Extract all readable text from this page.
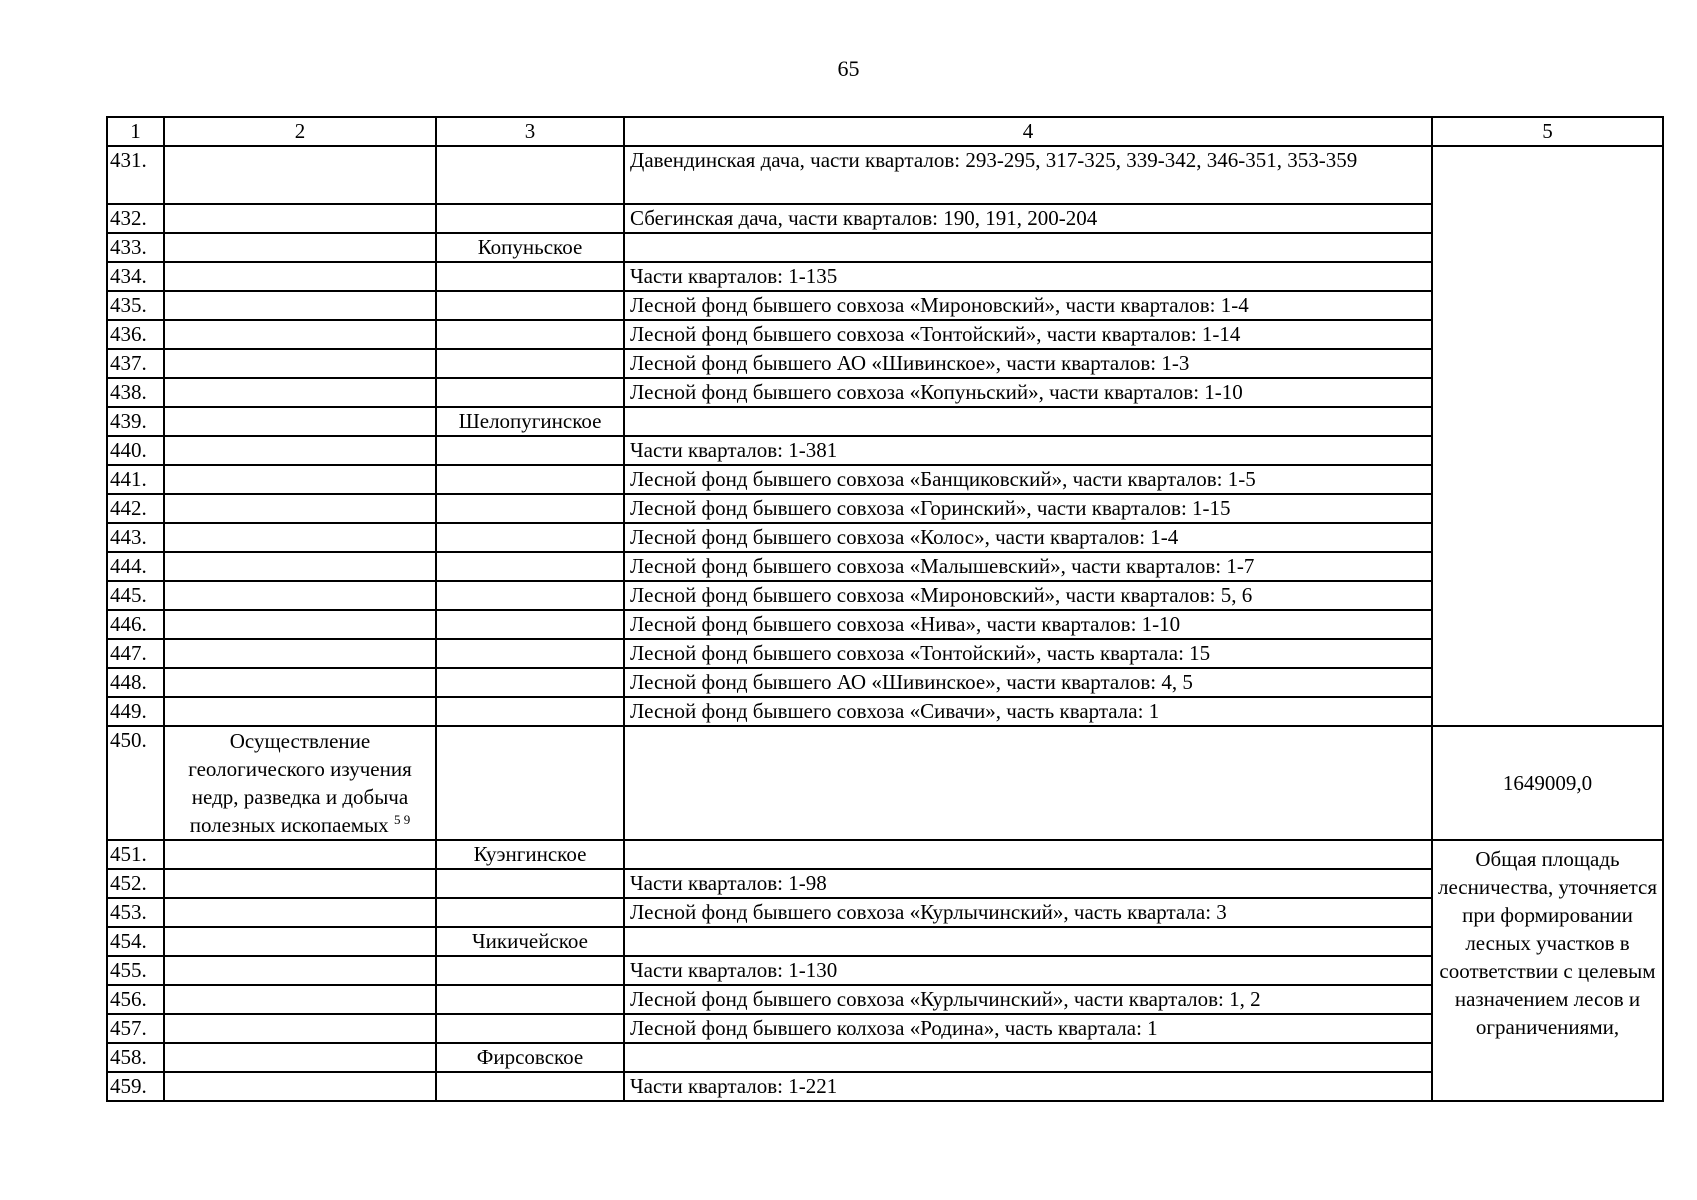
65
1	2	3	4	5
431.			Давендинская дача, части кварталов: 293-295, 317-325, 339-342, 346-351, 353-359	
432.			Сбегинская дача, части кварталов: 190, 191, 200-204	
433.		Копуньское		
434.			Части кварталов: 1-135	
435.			Лесной фонд бывшего совхоза «Мироновский», части кварталов: 1-4	
436.			Лесной фонд бывшего совхоза «Тонтойский», части кварталов: 1-14	
437.			Лесной фонд бывшего АО «Шивинское», части кварталов: 1-3	
438.			Лесной фонд бывшего совхоза «Копуньский», части кварталов: 1-10	
439.		Шелопугинское		
440.			Части кварталов: 1-381	
441.			Лесной фонд бывшего совхоза «Банщиковский», части кварталов: 1-5	
442.			Лесной фонд бывшего совхоза «Горинский», части кварталов: 1-15	
443.			Лесной фонд бывшего совхоза «Колос», части кварталов: 1-4	
444.			Лесной фонд бывшего совхоза «Малышевский», части кварталов: 1-7	
445.			Лесной фонд бывшего совхоза «Мироновский», части кварталов: 5, 6	
446.			Лесной фонд бывшего совхоза «Нива», части кварталов: 1-10	
447.			Лесной фонд бывшего совхоза «Тонтойский», часть квартала: 15	
448.			Лесной фонд бывшего АО «Шивинское», части кварталов: 4, 5	
449.			Лесной фонд бывшего совхоза «Сивачи», часть квартала: 1	
450.	Осуществление геологического изучения недр, разведка и добыча полезных ископаемых $^{5 9}$			1649009,0
451.		Куэнгинское		Общая площадь лесничества, уточняется при формировании лесных участков в соответствии с целевым назначением лесов и ограничениями,
452.			Части кварталов: 1-98	
453.			Лесной фонд бывшего совхоза «Курлычинский», часть квартала: 3	
454.		Чикичейское		
455.			Части кварталов: 1-130	
456.			Лесной фонд бывшего совхоза «Курлычинский», части кварталов: 1, 2	
457.			Лесной фонд бывшего колхоза «Родина», часть квартала: 1	
458.		Фирсовское		
459.			Части кварталов: 1-221	
